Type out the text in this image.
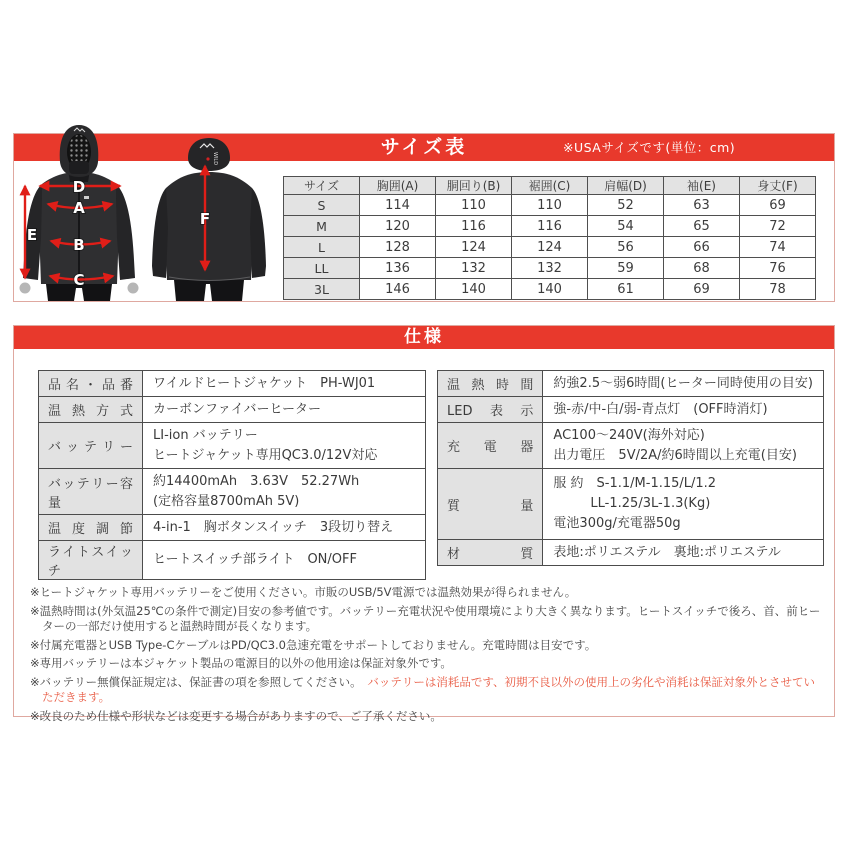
サイズ表	※USAサイズです(単位：cm)
サイズ	胸囲(A)	胴回り(B)	裾囲(C)	肩幅(D)	袖(E)	身丈(F)
S	114	110	110	52	63	69
M	120	116	116	54	65	72
L	128	124	124	56	66	74
LL	136	132	132	59	68	76
3L	146	140	140	61	69	78
WILD
D
A
B
C
E
F
仕様
品名・品番	ワイルドヒートジャケット　PH-WJ01

温熱方式	カーボンファイバーヒーター

バッテリー	LI-ion バッテリー
ヒートジャケット専用QC3.0/12V対応

バッテリー容量	約14400mAh　3.63V　52.27Wh
(定格容量8700mAh 5V)

温度調節	4-in-1　胸ボタンスイッチ　3段切り替え

ライトスイッチ	ヒートスイッチ部ライト　ON/OFF
温熱時間	約強2.5〜弱6時間(ヒーター同時使用の目安)

LED表示	強-赤/中-白/弱-青点灯　(OFF時消灯)

充電器	AC100〜240V(海外対応)
出力電圧　5V/2A/約6時間以上充電(目安)

質量	服 約　S-1.1/M-1.15/L/1.2
LL-1.25/3L-1.3(Kg)
電池300g/充電器50g

材質	表地:ポリエステル　裏地:ポリエステル
※ヒートジャケット専用バッテリーをご使用ください。市販のUSB/5V電源では温熱効果が得られません。
※温熱時間は(外気温25℃の条件で測定)目安の参考値です。バッテリー充電状況や使用環境により大きく異なります。ヒートスイッチで後ろ、首、前ヒーターの一部だけ使用すると温熱時間が長くなります。
※付属充電器とUSB Type-CケーブルはPD/QC3.0急速充電をサポートしておりません。充電時間は目安です。
※専用バッテリーは本ジャケット製品の電源目的以外の他用途は保証対象外です。
※バッテリー無償保証規定は、保証書の項を参照してください。　バッテリーは消耗品です、初期不良以外の使用上の劣化や消耗は保証対象外とさせていただきます。
※改良のため仕様や形状などは変更する場合がありますので、ご了承ください。
